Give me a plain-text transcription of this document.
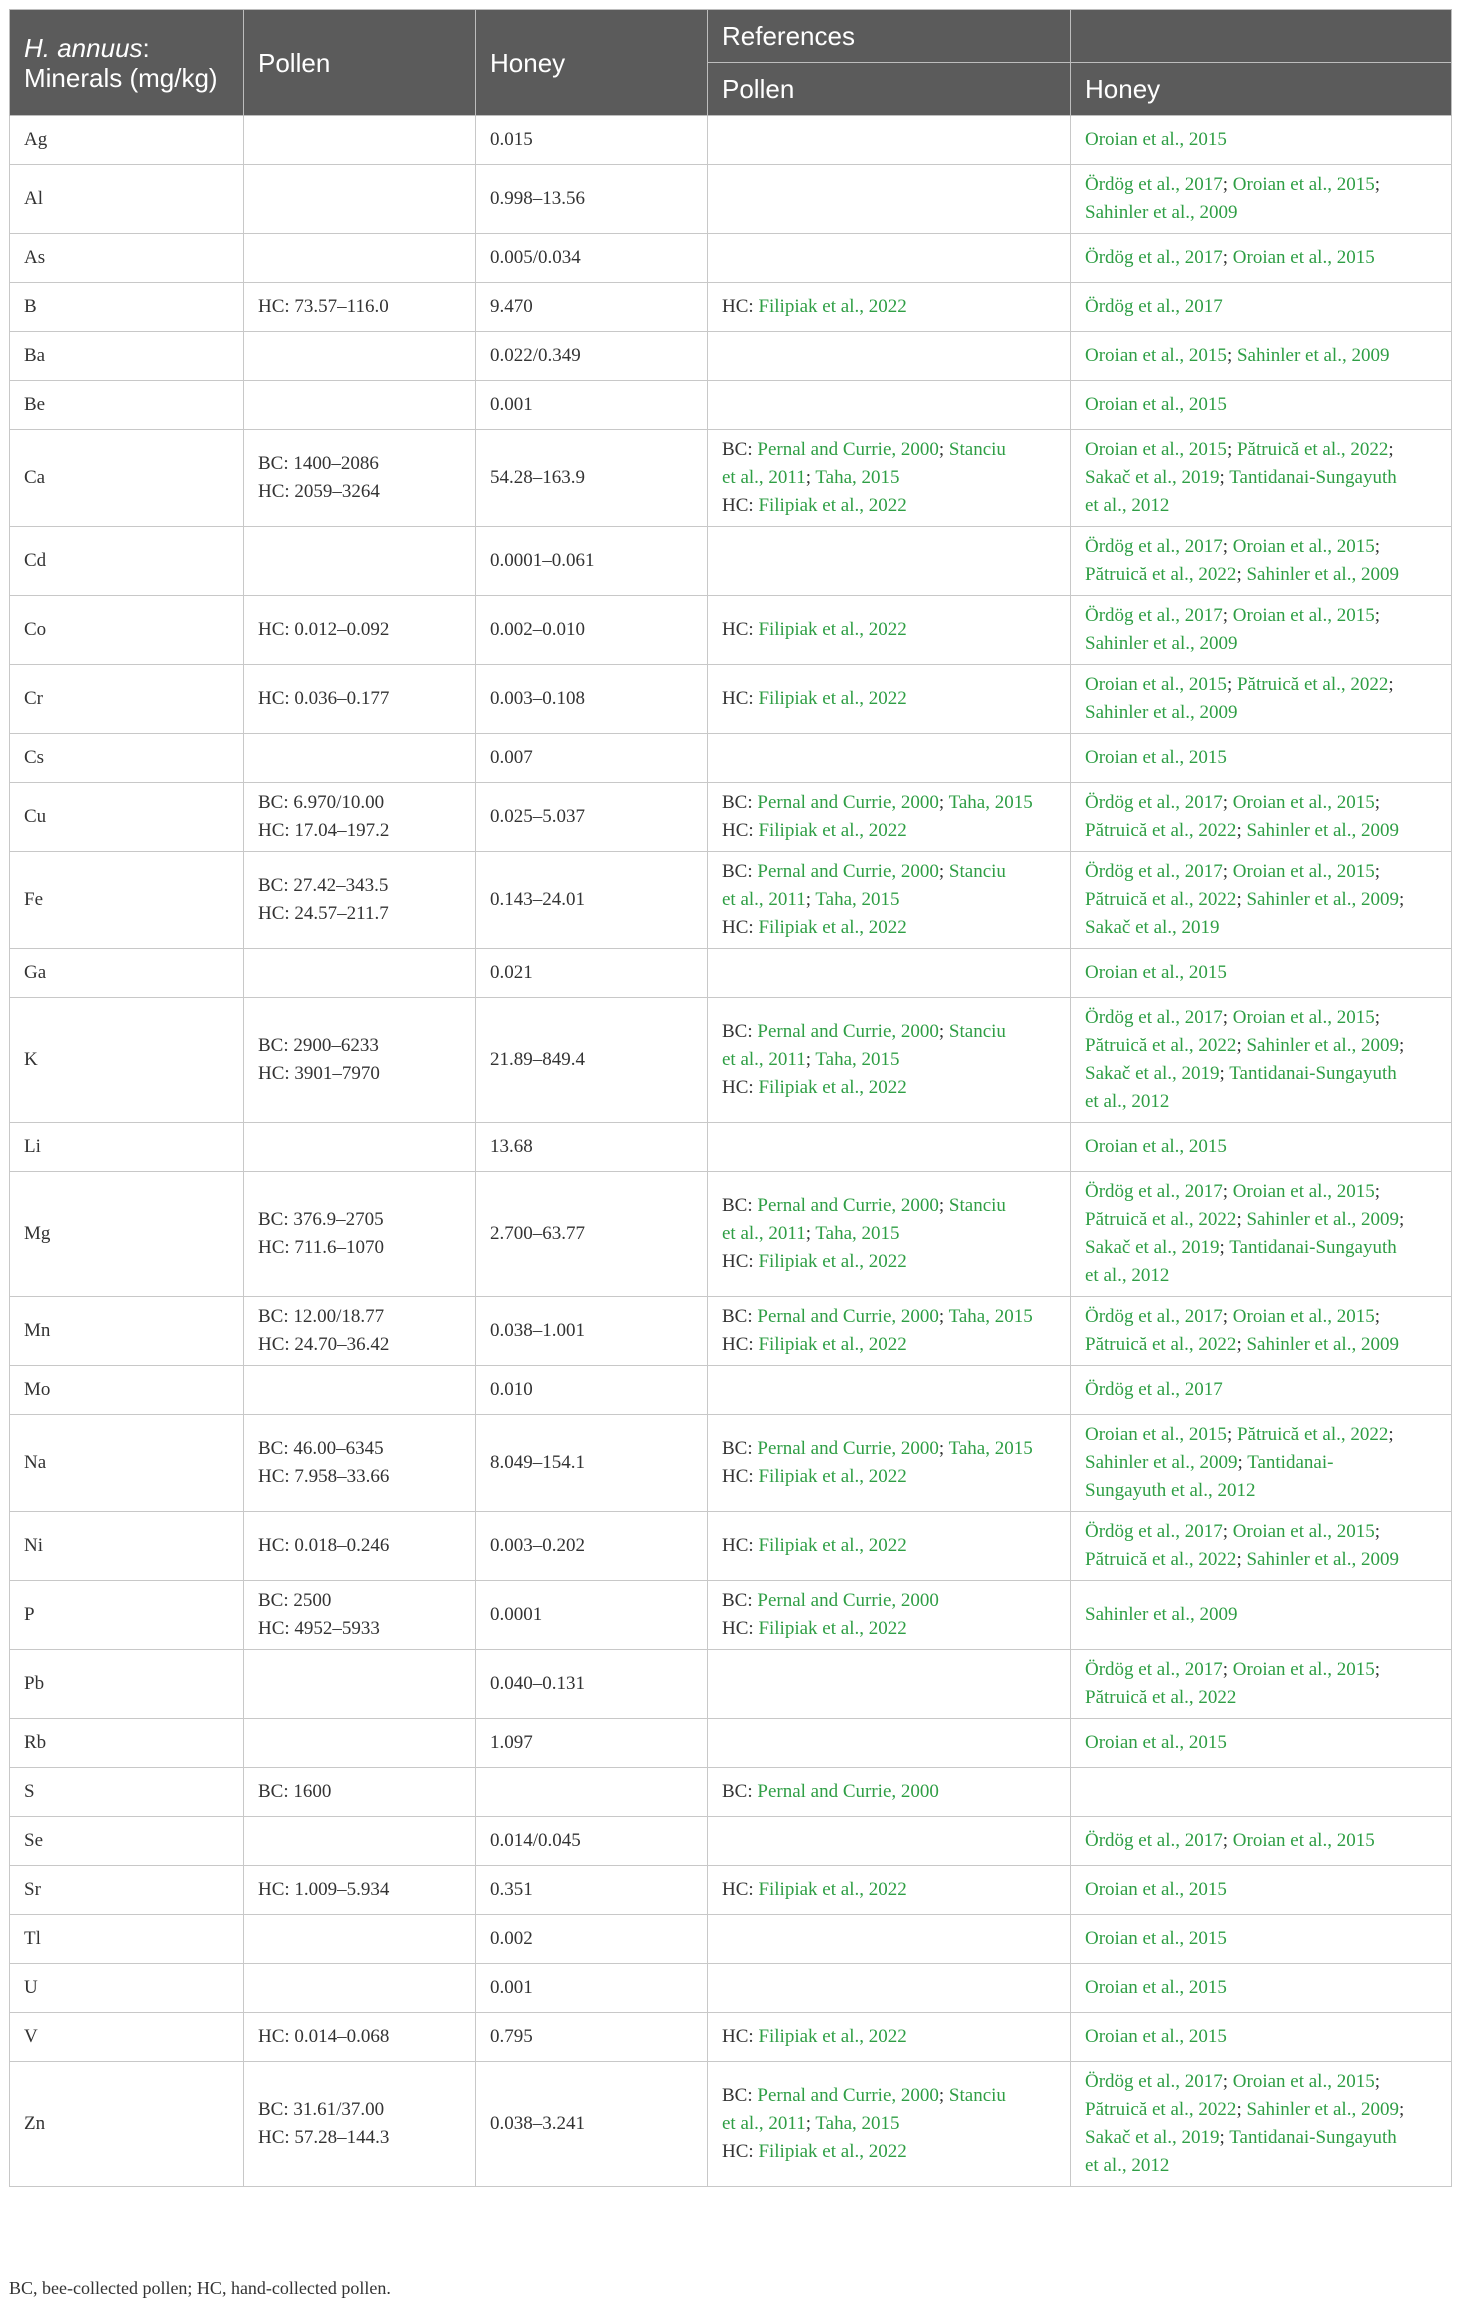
H. annuus:
Minerals (mg/kg)	Pollen	Honey	References	
			Pollen	Honey
Ag		0.015		Oroian et al., 2015

Al		0.998–13.56		Ördög et al., 2017; Oroian et al., 2015;
Sahinler et al., 2009

As		0.005/0.034		Ördög et al., 2017; Oroian et al., 2015

B	HC: 73.57–116.0	9.470	HC: Filipiak et al., 2022	Ördög et al., 2017

Ba		0.022/0.349		Oroian et al., 2015; Sahinler et al., 2009

Be		0.001		Oroian et al., 2015

Ca	BC: 1400–2086
HC: 2059–3264	54.28–163.9	BC: Pernal and Currie, 2000; Stanciu
et al., 2011; Taha, 2015
HC: Filipiak et al., 2022	Oroian et al., 2015; Pătruică et al., 2022;
Sakač et al., 2019; Tantidanai-Sungayuth
et al., 2012

Cd		0.0001–0.061		Ördög et al., 2017; Oroian et al., 2015;
Pătruică et al., 2022; Sahinler et al., 2009

Co	HC: 0.012–0.092	0.002–0.010	HC: Filipiak et al., 2022	Ördög et al., 2017; Oroian et al., 2015;
Sahinler et al., 2009

Cr	HC: 0.036–0.177	0.003–0.108	HC: Filipiak et al., 2022	Oroian et al., 2015; Pătruică et al., 2022;
Sahinler et al., 2009

Cs		0.007		Oroian et al., 2015

Cu	BC: 6.970/10.00
HC: 17.04–197.2	0.025–5.037	BC: Pernal and Currie, 2000; Taha, 2015
HC: Filipiak et al., 2022	Ördög et al., 2017; Oroian et al., 2015;
Pătruică et al., 2022; Sahinler et al., 2009

Fe	BC: 27.42–343.5
HC: 24.57–211.7	0.143–24.01	BC: Pernal and Currie, 2000; Stanciu
et al., 2011; Taha, 2015
HC: Filipiak et al., 2022	Ördög et al., 2017; Oroian et al., 2015;
Pătruică et al., 2022; Sahinler et al., 2009;
Sakač et al., 2019

Ga		0.021		Oroian et al., 2015

K	BC: 2900–6233
HC: 3901–7970	21.89–849.4	BC: Pernal and Currie, 2000; Stanciu
et al., 2011; Taha, 2015
HC: Filipiak et al., 2022	Ördög et al., 2017; Oroian et al., 2015;
Pătruică et al., 2022; Sahinler et al., 2009;
Sakač et al., 2019; Tantidanai-Sungayuth
et al., 2012

Li		13.68		Oroian et al., 2015

Mg	BC: 376.9–2705
HC: 711.6–1070	2.700–63.77	BC: Pernal and Currie, 2000; Stanciu
et al., 2011; Taha, 2015
HC: Filipiak et al., 2022	Ördög et al., 2017; Oroian et al., 2015;
Pătruică et al., 2022; Sahinler et al., 2009;
Sakač et al., 2019; Tantidanai-Sungayuth
et al., 2012

Mn	BC: 12.00/18.77
HC: 24.70–36.42	0.038–1.001	BC: Pernal and Currie, 2000; Taha, 2015
HC: Filipiak et al., 2022	Ördög et al., 2017; Oroian et al., 2015;
Pătruică et al., 2022; Sahinler et al., 2009

Mo		0.010		Ördög et al., 2017

Na	BC: 46.00–6345
HC: 7.958–33.66	8.049–154.1	BC: Pernal and Currie, 2000; Taha, 2015
HC: Filipiak et al., 2022	Oroian et al., 2015; Pătruică et al., 2022;
Sahinler et al., 2009; Tantidanai-
Sungayuth et al., 2012

Ni	HC: 0.018–0.246	0.003–0.202	HC: Filipiak et al., 2022	Ördög et al., 2017; Oroian et al., 2015;
Pătruică et al., 2022; Sahinler et al., 2009

P	BC: 2500
HC: 4952–5933	0.0001	BC: Pernal and Currie, 2000
HC: Filipiak et al., 2022	Sahinler et al., 2009

Pb		0.040–0.131		Ördög et al., 2017; Oroian et al., 2015;
Pătruică et al., 2022

Rb		1.097		Oroian et al., 2015

S	BC: 1600		BC: Pernal and Currie, 2000	

Se		0.014/0.045		Ördög et al., 2017; Oroian et al., 2015

Sr	HC: 1.009–5.934	0.351	HC: Filipiak et al., 2022	Oroian et al., 2015

Tl		0.002		Oroian et al., 2015

U		0.001		Oroian et al., 2015

V	HC: 0.014–0.068	0.795	HC: Filipiak et al., 2022	Oroian et al., 2015

Zn	BC: 31.61/37.00
HC: 57.28–144.3	0.038–3.241	BC: Pernal and Currie, 2000; Stanciu
et al., 2011; Taha, 2015
HC: Filipiak et al., 2022	Ördög et al., 2017; Oroian et al., 2015;
Pătruică et al., 2022; Sahinler et al., 2009;
Sakač et al., 2019; Tantidanai-Sungayuth
et al., 2012
BC, bee-collected pollen; HC, hand-collected pollen.
